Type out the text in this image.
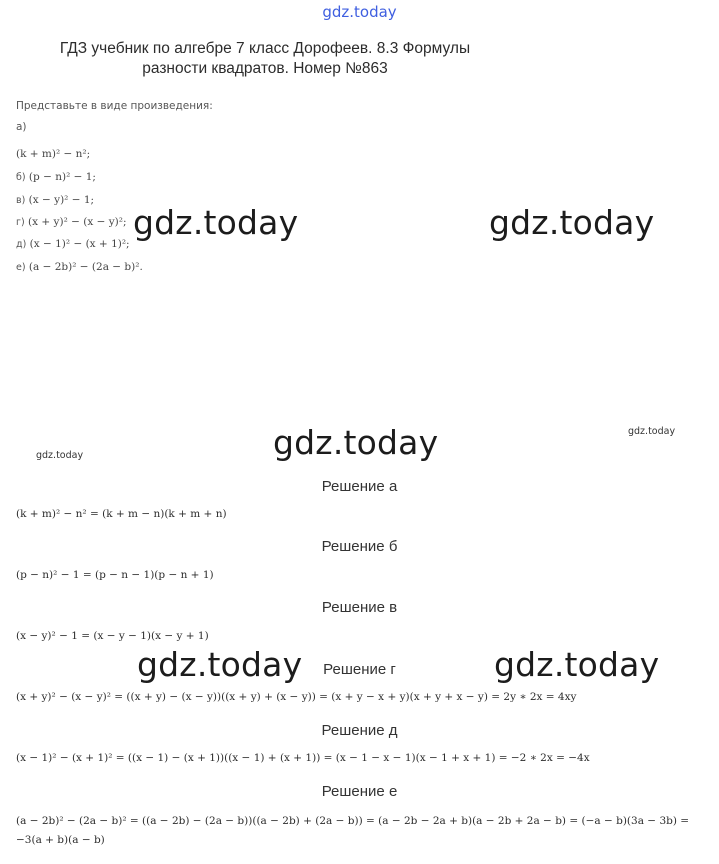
gdz.today
ГДЗ учебник по алгебре 7 класс Дорофеев. 8.3 Формулы
разности квадратов. Номер №863
Представьте в виде произведения:
а)
(k + m)² − n²;
б) (p − n)² − 1;
в) (x − y)² − 1;
г) (x + y)² − (x − y)²;
д) (x − 1)² − (x + 1)²;
е) (a − 2b)² − (2a − b)².
gdz.today	gdz.today
gdz.today	gdz.today
gdz.today
gdz.today	gdz.today
Решение а
(k + m)² − n² = (k + m − n)(k + m + n)
Решение б
(p − n)² − 1 = (p − n − 1)(p − n + 1)
Решение в
(x − y)² − 1 = (x − y − 1)(x − y + 1)
Решение г
(x + y)² − (x − y)² = ((x + y) − (x − y))((x + y) + (x − y)) = (x + y − x + y)(x + y + x − y) = 2y ∗ 2x = 4xy
Решение д
(x − 1)² − (x + 1)² = ((x − 1) − (x + 1))((x − 1) + (x + 1)) = (x − 1 − x − 1)(x − 1 + x + 1) = −2 ∗ 2x = −4x
Решение е
(a − 2b)² − (2a − b)² = ((a − 2b) − (2a − b))((a − 2b) + (2a − b)) = (a − 2b − 2a + b)(a − 2b + 2a − b) = (−a − b)(3a − 3b) = −3(a + b)(a − b)
